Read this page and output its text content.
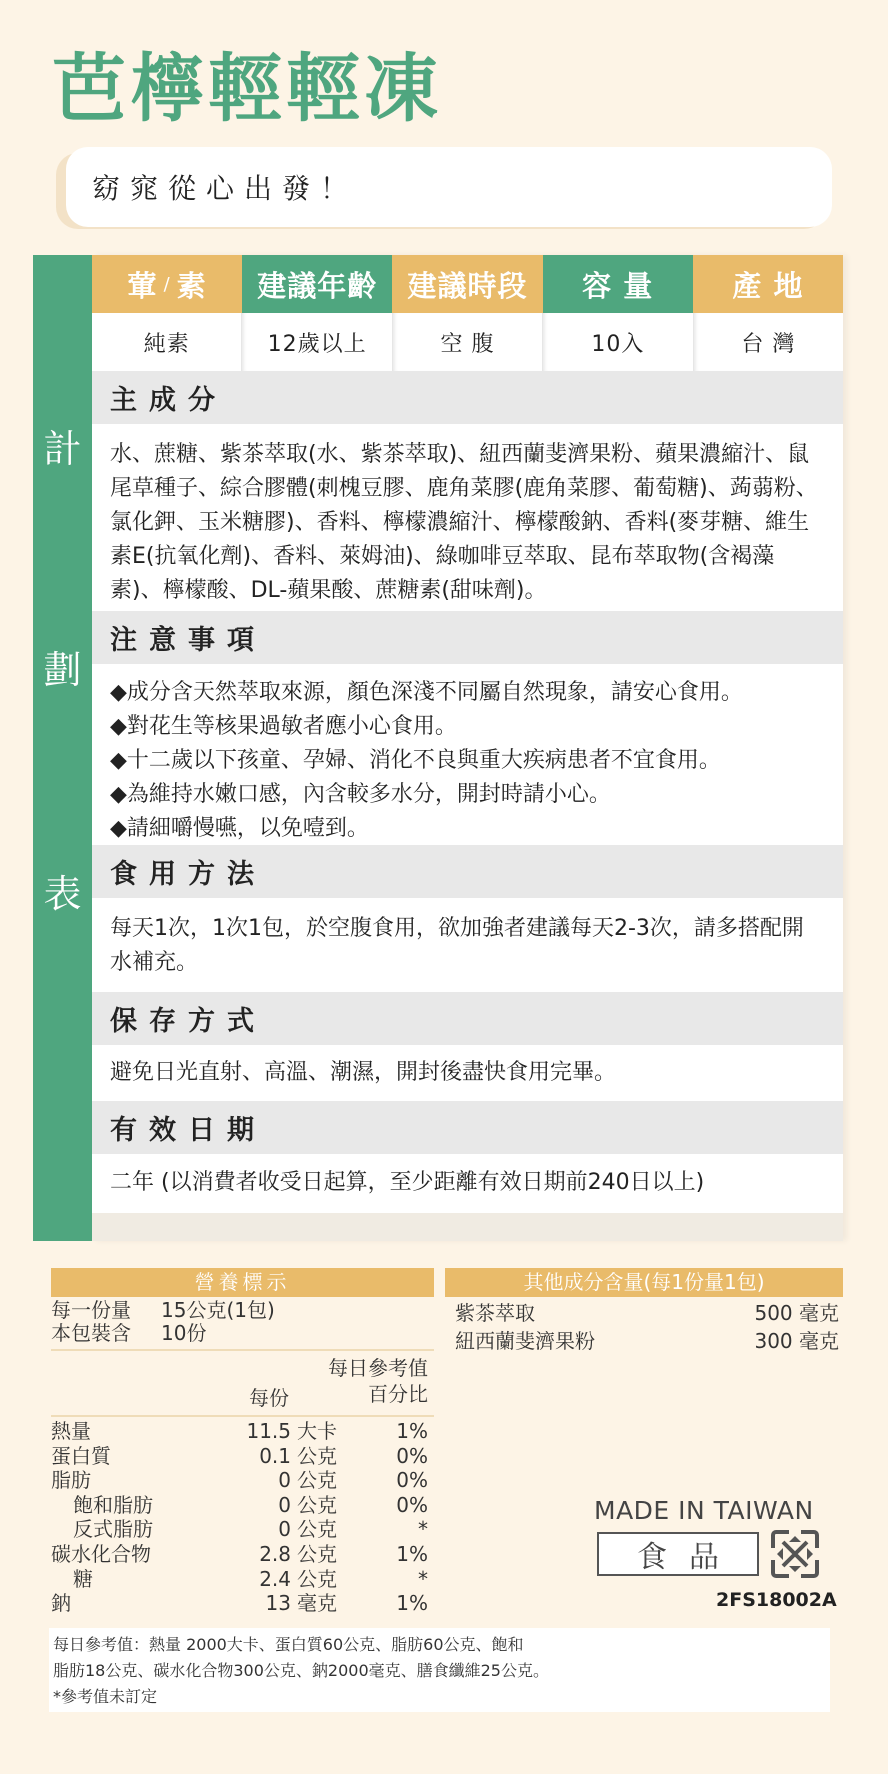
芭檸輕輕凍
窈窕從心出發！
計
劃
表
葷 / 素	建議年齡	建議時段	容 量	產 地
純素	12歲以上	空 腹	10入	台 灣
主成分
水、蔗糖、紫茶萃取(水、紫茶萃取)、紐西蘭斐濟果粉、蘋果濃縮汁、鼠尾草種子、綜合膠體(刺槐豆膠、鹿角菜膠(鹿角菜膠、葡萄糖)、蒟蒻粉、氯化鉀、玉米糖膠)、香料、檸檬濃縮汁、檸檬酸鈉、香料(麥芽糖、維生素E(抗氧化劑)、香料、萊姆油)、綠咖啡豆萃取、昆布萃取物(含褐藻素)、檸檬酸、DL-蘋果酸、蔗糖素(甜味劑)。
注意事項
◆ 成分含天然萃取來源，顏色深淺不同屬自然現象，請安心食用。
◆ 對花生等核果過敏者應小心食用。
◆ 十二歲以下孩童、孕婦、消化不良與重大疾病患者不宜食用。
◆ 為維持水嫩口感，內含較多水分，開封時請小心。
◆ 請細嚼慢嚥，以免噎到。
食用方法
每天1次，1次1包，於空腹食用，欲加強者建議每天2-3次，請多搭配開水補充。
保存方式
避免日光直射、高溫、潮濕，開封後盡快食用完畢。
有效日期
二年 (以消費者收受日起算，至少距離有效日期前240日以上)
營養標示
每一份量	15公克(1包)
本包裝含	10份
每份
每日參考值
百分比
熱量	11.5 大卡	1%
蛋白質	0.1 公克	0%
脂肪	0 公克	0%
飽和脂肪	0 公克	0%
反式脂肪	0 公克	*
碳水化合物	2.8 公克	1%
糖	2.4 公克	*
鈉	13 毫克	1%
其他成分含量(每1份量1包)
紫茶萃取	500 毫克
紐西蘭斐濟果粉	300 毫克
MADE IN TAIWAN
食品
2FS18002A
每日參考值：熱量 2000大卡、蛋白質60公克、脂肪60公克、飽和
脂肪18公克、碳水化合物300公克、鈉2000毫克、膳食纖維25公克。
*參考值未訂定
